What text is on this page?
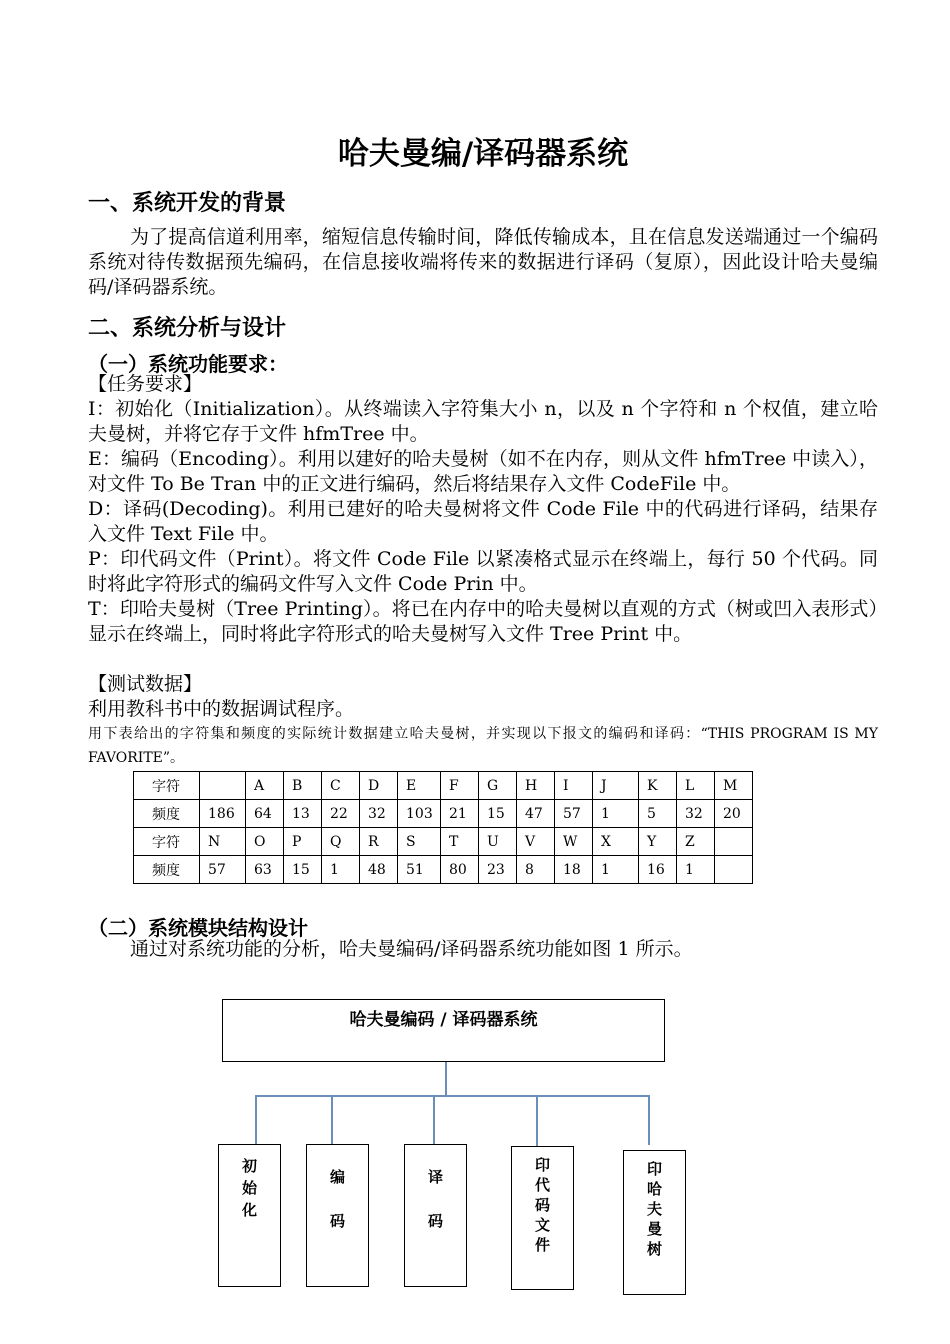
哈夫曼编/译码器系统
一、系统开发的背景

为了提高信道利用率，缩短信息传输时间，降低传输成本，且在信息发送端通过一个编码系统对待传数据预先编码，在信息接收端将传来的数据进行译码（复原），因此设计哈夫曼编码/译码器系统。

二、系统分析与设计
（一）系统功能要求：

【任务要求】

I：初始化（Initialization）。从终端读入字符集大小 n，以及 n 个字符和 n 个权值，建立哈夫曼树，并将它存于文件 hfmTree 中。

E：编码（Encoding）。利用以建好的哈夫曼树（如不在内存，则从文件 hfmTree 中读入），对文件 To Be Tran 中的正文进行编码，然后将结果存入文件 CodeFile 中。

D：译码(Decoding)。利用已建好的哈夫曼树将文件 Code File 中的代码进行译码，结果存入文件 Text File 中。

P：印代码文件（Print）。将文件 Code File 以紧凑格式显示在终端上，每行 50 个代码。同时将此字符形式的编码文件写入文件 Code Prin 中。

T：印哈夫曼树（Tree Printing）。将已在内存中的哈夫曼树以直观的方式（树或凹入表形式）显示在终端上，同时将此字符形式的哈夫曼树写入文件 Tree Print 中。

【测试数据】

利用教科书中的数据调试程序。

用下表给出的字符集和频度的实际统计数据建立哈夫曼树，并实现以下报文的编码和译码：“THIS PROGRAM IS MY FAVORITE”。

字符		A	B	C	D	E	F	G	H	I	J	K	L	M
频度	186	64	13	22	32	103	21	15	47	57	1	5	32	20
字符	N	O	P	Q	R	S	T	U	V	W	X	Y	Z	
频度	57	63	15	1	48	51	80	23	8	18	1	16	1	
（二）系统模块结构设计

通过对系统功能的分析，哈夫曼编码/译码器系统功能如图 1 所示。

哈夫曼编码 / 译码器系统
初始化
编码
译码
印代码文件
印哈夫曼树
